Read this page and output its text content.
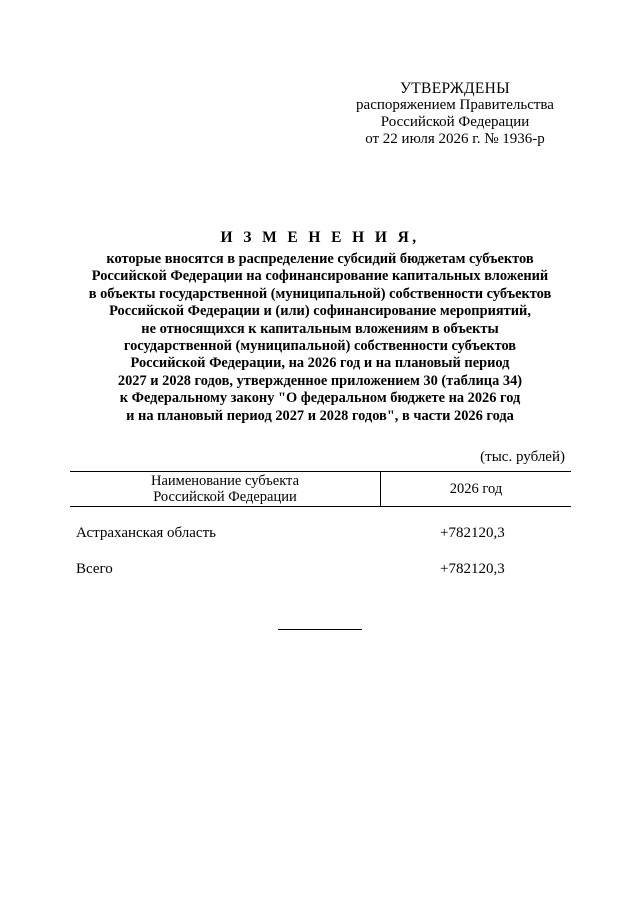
УТВЕРЖДЕНЫ
распоряжением Правительства
Российской Федерации
от 22 июля 2026 г. № 1936-р
И З М Е Н Е Н И Я,
которые вносятся в распределение субсидий бюджетам субъектов
Российской Федерации на софинансирование капитальных вложений
в объекты государственной (муниципальной) собственности субъектов
Российской Федерации и (или) софинансирование мероприятий,
не относящихся к капитальным вложениям в объекты
государственной (муниципальной) собственности субъектов
Российской Федерации, на 2026 год и на плановый период
2027 и 2028 годов, утвержденное приложением 30 (таблица 34)
к Федеральному закону "О федеральном бюджете на 2026 год
и на плановый период 2027 и 2028 годов", в части 2026 года
(тыс. рублей)
Наименование субъекта
Российской Федерации	2026 год
Астраханская область	+782120,3
Всего	+782120,3
